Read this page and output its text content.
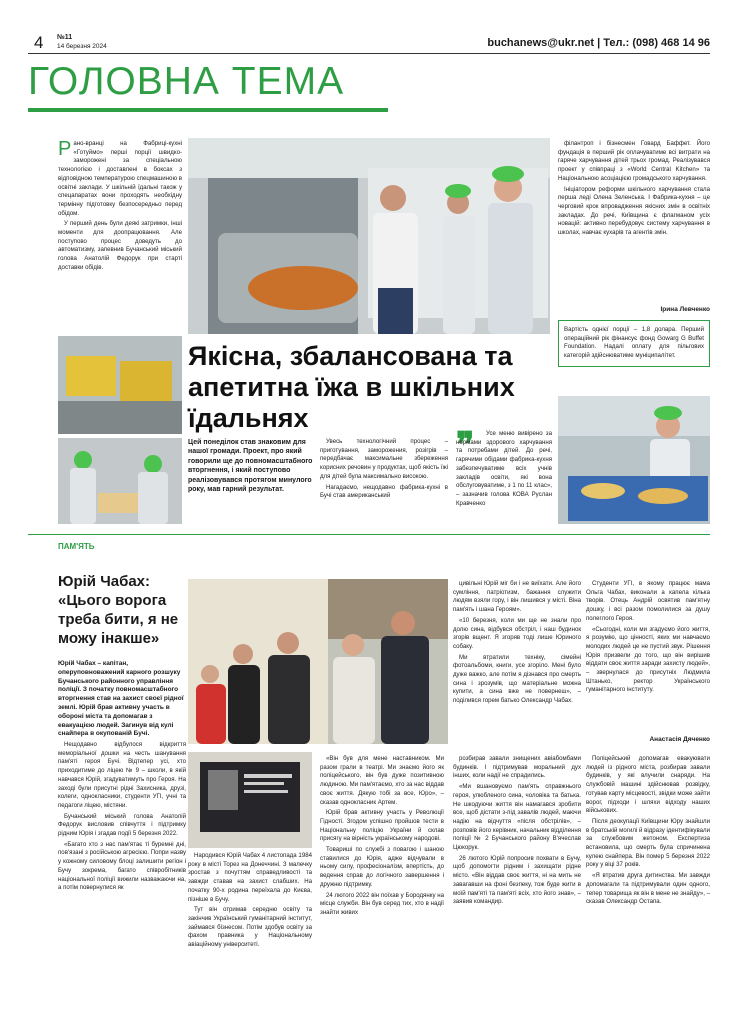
4 №11
14 березня 2024	buchanews@ukr.net | Тел.: (098) 468 14 96
ГОЛОВНА ТЕМА

Рано-вранці на Фабриці-кухні «Готуймо» перші порції швидко-заморожені за спеціальною технологією і доставлені в боксах з відповідною температурою спецмашиною в освітні заклади. У шкільній їдальні також у спецапаратах вони проходять необхідну термінну підготовку безпосередньо перед обідом.

У перший день були деякі затримки, інші моменти для доопрацювання. Але поступово процес доведуть до автоматизму, запевнив Бучанський міський голова Анатолій Федорук при старті доставки обідів.

Якісна, збалансована та апетитна їжа в шкільних їдальнях
Цей понеділок став знаковим для нашої громади. Проект, про який говорили ще до повномасштабного вторгнення, і який поступово реалізовувався протягом минулого року, мав гарний результат.

Увесь технологічний процес – приготування, заморожения, розігрів – передбачає максимальне збереження корисних речовин у продуктах, щоб якість їжі для дітей була максимально високою.

Нагадаємо, нещодавно фабрика-кухні в Бучі став американський

❞	Усе меню вивірено за нормами здорового харчування та потребами дітей. До речі, гарячими обідами фабрика-кухня забезпечуватиме всіх учнів закладів освіти, які вона обслуговуватиме, з 1 по 11 клас», – зазначив голова КОВА Руслан Кравченко

філантроп і бізнесмен Говард Баффет. Його фундація в перший рік оплачуватиме всі витрати на гаряче харчування дітей трьох громад. Реалізувався проект у співпраці з «World Central Kitchen» та Національною асоціацією громадського харчування.

Ініціатором реформи шкільного харчування стала перша леді Олена Зеленська. І Фабрика-кухня – це черговий крок впровадження якісних змін в освітніх закладах. До речі, Київщина є флагманом усіх новацій: активно перебудовує систему харчування в школах, навчає кухарів та агентів змін.

Ірина Левченко
Вартість однієї порції – 1,8 долара. Перший операційний рік фінансує фонд Gowarg G Buffet Foundation. Надалі оплату для пільгових категорій здійснюватиме муніципалітет.
ПАМ'ЯТЬ
Юрій Чабах: «Цього ворога треба бити, я не можу інакше»
Юрій Чабах – капітан, оперуповноважений карного розшуку Бучанського районного управління поліції. З початку повномасштабного вторгнення став на захист своєї рідної землі. Юрій брав активну участь в обороні міста та допомагав з евакуацією людей. Загинув від кулі снайпера в окупованій Бучі.

Нещодавно відбулося відкриття меморіальної дошки на честь шанування пам'яті героя Бучі. Відтепер усі, хто приходитиме до ліцею № 9 – школи, в якій навчався Юрій, згадуватимуть про Героя. На заході були присутні рідні Захисника, друзі, колеги, однокласники, студенти УГІ, учні та педагоги ліцею, містяни.

Бучанський міський голова Анатолій Федорук висловив співчуття і підтримку рідним Юрія і згадав події 5 березня 2022.

«Багато хто з нас пам'ятає ті буремні дні, пов'язані з російською агресією. Попри назву у кожному силовому блоці залишити регіон і Бучу зокрема, багато співробітників національної поліції вижили назважаючи на, а потім повернулися як

Народився Юрій Чабах 4 листопада 1984 року в місті Торез на Донеччині. З малечку зростав з почуттям справедливості та завжди ставав на захист слабших. На початку 90-х родина переїхала до Києва, пізніше в Бучу.

Тут він отримав середню освіту та закінчив Український гуманітарний інститут, займався бізнесом. Потім здобув освіту за фахом правника у Національному авіаційному університеті.

«Він був для мене наставником. Ми разом грали в театрі. Ми знаємо його як поліцейського, він був дуже позитивною людиною. Ми пам'ятаємо, хто за нас віддав своє життя. Дякую тобі за все, Юро», – сказав однокласник Артем.

Юрій брав активну участь у Революції Гідності. Згодом успішно пройшов тести в Національну поліцію України й склав присягу на вірність українському народові.

Товариші по службі з повагою і шаною ставилися до Юрія, адже відчували в ньому силу, професіоналізм, впертість, до ведення справ до логічного завершення і дружню підтримку.

24 лютого 2022 він поїхав у Бородянку на місце служби. Він був серед тих, хто в надії знайти живих

цивільні Юрій міг би і не виїхати. Але його сумління, патріотизм, бажання служити людям взяли гору, і він лишився у місті. Віна пам'ять і шана Героям».

«10 березня, коли ми ще не знали про долю сина, відбувся обстріл, і наш будинок згорів вщент. Я згоряв тоді лише Юриного собаку.

Ми втратили техніку, сімейні фотоальбоми, книги, усе згоріло. Мені було дуже важко, але потім я дізнався про смерть сина і зрозумів, що матеріальне можна купити, а сина вже не повернеш», – поділився горем батько Олександр Чабах.

розбирав завали знищених авіабомбами будинків. І підтримував моральний дух інших, коли надії не спрадились.

«Ми вшановуємо пам'ять справжнього героя, улюбленого сина, чоловіка та батька. Не шкодуючи життя він намагався зробити все, щоб дістати з-під завалів людей, маючи надію на відчуття «після обстрілів», – розповів його керівник, начальник відділення поліції № 2 Бучанського району В'ячеслав Цюкорук.

26 лютого Юрій попросив похвати в Бучу, щоб допомогти рідним і захищати рідне місто. «Він віддав своє життя, ні на мить не завагавши на фоні безпеку, тож буде жити в моїй пам'яті та пам'яті всіх, хто його знав», – заявив командир.

Студенти УГІ, в якому працює мама Ольга Чабах, виконали а капела кілька творів. Отець Андрій освятив пам'ятну дошку, і всі разом помолилися за душу полеглого Героя.

«Сьогодні, коли ми згадуємо його життя, я розумію, що цінності, яких ми навчаємо молодих людей це не пустий звук. Рішення Юрія призвели до того, що він вирішив віддати своє життя заради захисту людей», – звернулася до присутніх Людмила Штанько, ректор Українського гуманітарного інституту.

Анастасія Дяченко

Поліцейський допомагав евакуювати людей із рідного міста, розбирав завали будинків, у які влучили снаряди. На службовій машині здійснював розвідку, готував карту місцевості, звідки може зайти ворог, підходи і шляхи відходу наших військових.

Після деокупації Київщини Юру знайшли в братській могилі й відразу ідентифікували за службовим жетоном. Експертиза встановила, що смерть була спричинена кулею снайпера. Він помер 5 березня 2022 року у віці 37 років.

«Я втратив друга дитинства. Ми завжди допомагали та підтримували один одного, тепер товарища як він в мене не знайду», – сказав Олександр Остапа.
